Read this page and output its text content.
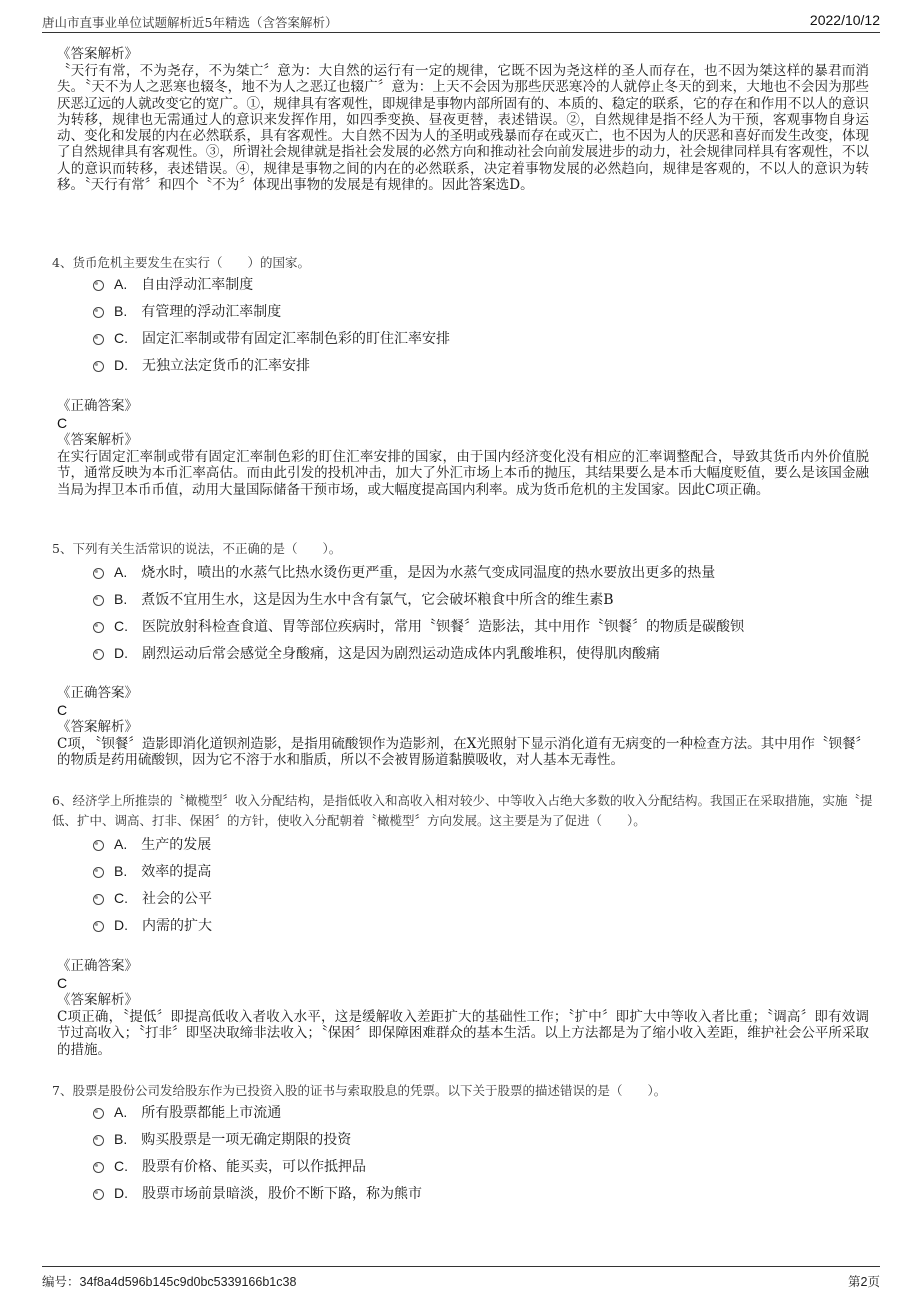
唐山市直事业单位试题解析近5年精选（含答案解析）	2022/10/12
《答案解析》

〝天行有常，不为尧存，不为桀亡〞意为：大自然的运行有一定的规律，它既不因为尧这样的圣人而存在，也不因为桀这样的暴君而消失。〝天不为人之恶寒也辍冬，地不为人之恶辽也辍广〞意为：上天不会因为那些厌恶寒冷的人就停止冬天的到来，大地也不会因为那些厌恶辽远的人就改变它的宽广。①，规律具有客观性，即规律是事物内部所固有的、本质的、稳定的联系，它的存在和作用不以人的意识为转移，规律也无需通过人的意识来发挥作用，如四季变换、昼夜更替，表述错误。②，自然规律是指不经人为干预，客观事物自身运动、变化和发展的内在必然联系，具有客观性。大自然不因为人的圣明或残暴而存在或灭亡，也不因为人的厌恶和喜好而发生改变，体现了自然规律具有客观性。③，所谓社会规律就是指社会发展的必然方向和推动社会向前发展进步的动力，社会规律同样具有客观性，不以人的意识而转移，表述错误。④，规律是事物之间的内在的必然联系，决定着事物发展的必然趋向，规律是客观的，不以人的意识为转移。〝天行有常〞和四个〝不为〞体现出事物的发展是有规律的。因此答案选D。

4、货币危机主要发生在实行（　　）的国家。
A. 自由浮动汇率制度
B. 有管理的浮动汇率制度
C. 固定汇率制或带有固定汇率制色彩的盯住汇率安排
D. 无独立法定货币的汇率安排
《正确答案》
C
《答案解析》

在实行固定汇率制或带有固定汇率制色彩的盯住汇率安排的国家，由于国内经济变化没有相应的汇率调整配合，导致其货币内外价值脱节，通常反映为本币汇率高估。而由此引发的投机冲击，加大了外汇市场上本币的抛压，其结果要么是本币大幅度贬值，要么是该国金融当局为捍卫本币币值，动用大量国际储备干预市场，或大幅度提高国内利率。成为货币危机的主发国家。因此C项正确。

5、下列有关生活常识的说法，不正确的是（　　）。
A. 烧水时，喷出的水蒸气比热水烫伤更严重，是因为水蒸气变成同温度的热水要放出更多的热量
B. 煮饭不宜用生水，这是因为生水中含有氯气，它会破坏粮食中所含的维生素B
C. 医院放射科检查食道、胃等部位疾病时，常用〝钡餐〞造影法，其中用作〝钡餐〞的物质是碳酸钡
D. 剧烈运动后常会感觉全身酸痛，这是因为剧烈运动造成体内乳酸堆积，使得肌肉酸痛
《正确答案》
C
《答案解析》

C项，〝钡餐〞造影即消化道钡剂造影，是指用硫酸钡作为造影剂，在X光照射下显示消化道有无病变的一种检查方法。其中用作〝钡餐〞的物质是药用硫酸钡，因为它不溶于水和脂质，所以不会被胃肠道黏膜吸收，对人基本无毒性。

6、经济学上所推崇的〝橄榄型〞收入分配结构，是指低收入和高收入相对较少、中等收入占绝大多数的收入分配结构。我国正在采取措施，实施〝提低、扩中、调高、打非、保困〞的方针，使收入分配朝着〝橄榄型〞方向发展。这主要是为了促进（　　）。
A. 生产的发展
B. 效率的提高
C. 社会的公平
D. 内需的扩大
《正确答案》
C
《答案解析》

C项正确，〝提低〞即提高低收入者收入水平，这是缓解收入差距扩大的基础性工作；〝扩中〞即扩大中等收入者比重；〝调高〞即有效调节过高收入；〝打非〞即坚决取缔非法收入；〝保困〞即保障困难群众的基本生活。以上方法都是为了缩小收入差距，维护社会公平所采取的措施。

7、股票是股份公司发给股东作为已投资入股的证书与索取股息的凭票。以下关于股票的描述错误的是（　　）。
A. 所有股票都能上市流通
B. 购买股票是一项无确定期限的投资
C. 股票有价格、能买卖，可以作抵押品
D. 股票市场前景暗淡，股价不断下路，称为熊市
编号：34f8a4d596b145c9d0bc5339166b1c38	第2页
